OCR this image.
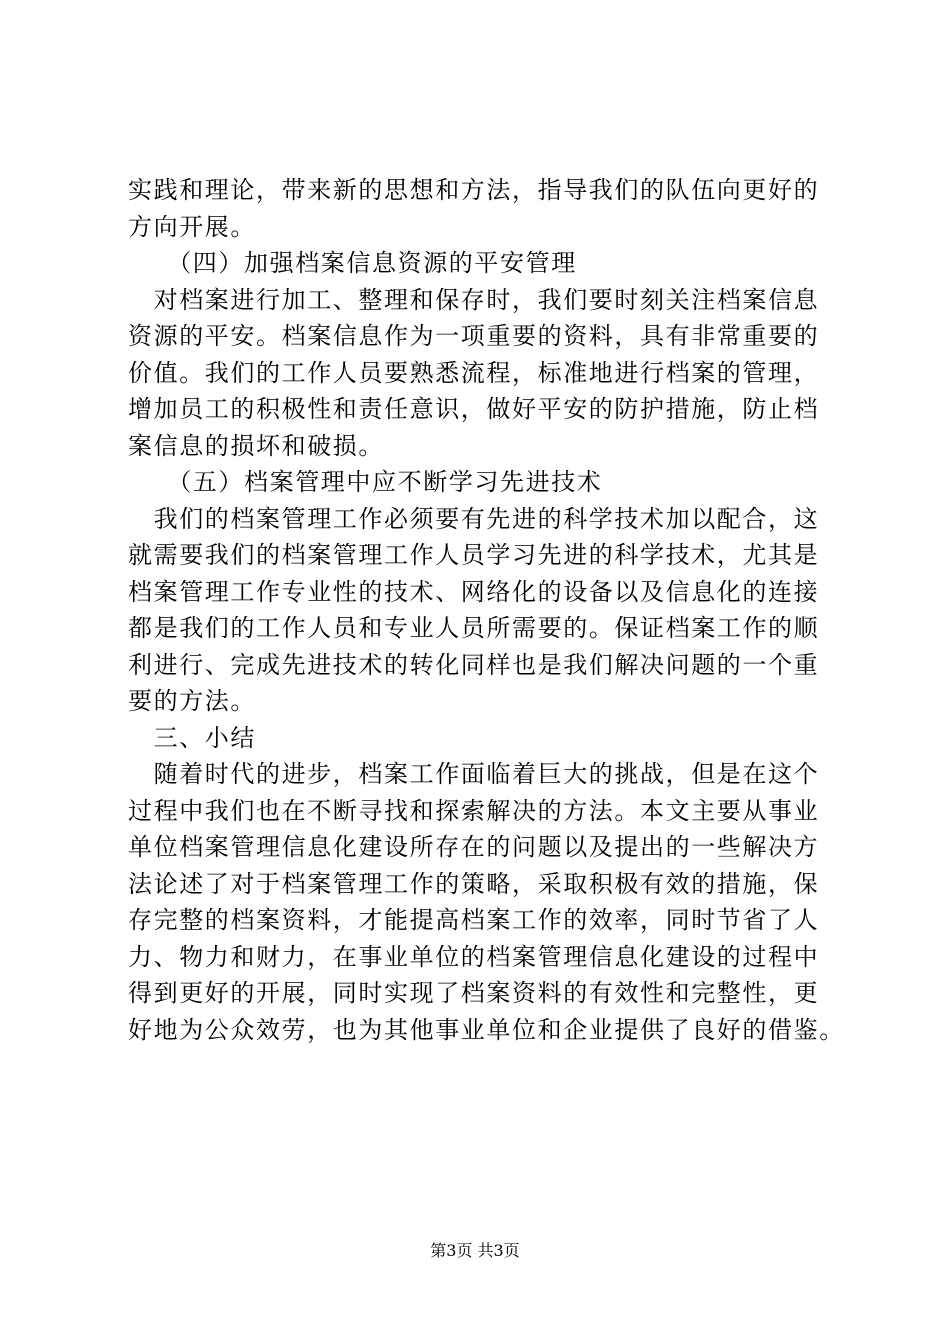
实践和理论，带来新的思想和方法，指导我们的队伍向更好的
方向开展。
　　（四）加强档案信息资源的平安管理
　对档案进行加工、整理和保存时，我们要时刻关注档案信息
资源的平安。档案信息作为一项重要的资料，具有非常重要的
价值。我们的工作人员要熟悉流程，标准地进行档案的管理，
增加员工的积极性和责任意识，做好平安的防护措施，防止档
案信息的损坏和破损。
　　（五）档案管理中应不断学习先进技术
　我们的档案管理工作必须要有先进的科学技术加以配合，这
就需要我们的档案管理工作人员学习先进的科学技术，尤其是
档案管理工作专业性的技术、网络化的设备以及信息化的连接
都是我们的工作人员和专业人员所需要的。保证档案工作的顺
利进行、完成先进技术的转化同样也是我们解决问题的一个重
要的方法。
　三、小结
　随着时代的进步，档案工作面临着巨大的挑战，但是在这个
过程中我们也在不断寻找和探索解决的方法。本文主要从事业
单位档案管理信息化建设所存在的问题以及提出的一些解决方
法论述了对于档案管理工作的策略，采取积极有效的措施，保
存完整的档案资料，才能提高档案工作的效率，同时节省了人
力、物力和财力，在事业单位的档案管理信息化建设的过程中
得到更好的开展，同时实现了档案资料的有效性和完整性，更
好地为公众效劳，也为其他事业单位和企业提供了良好的借鉴。
第3页 共3页
